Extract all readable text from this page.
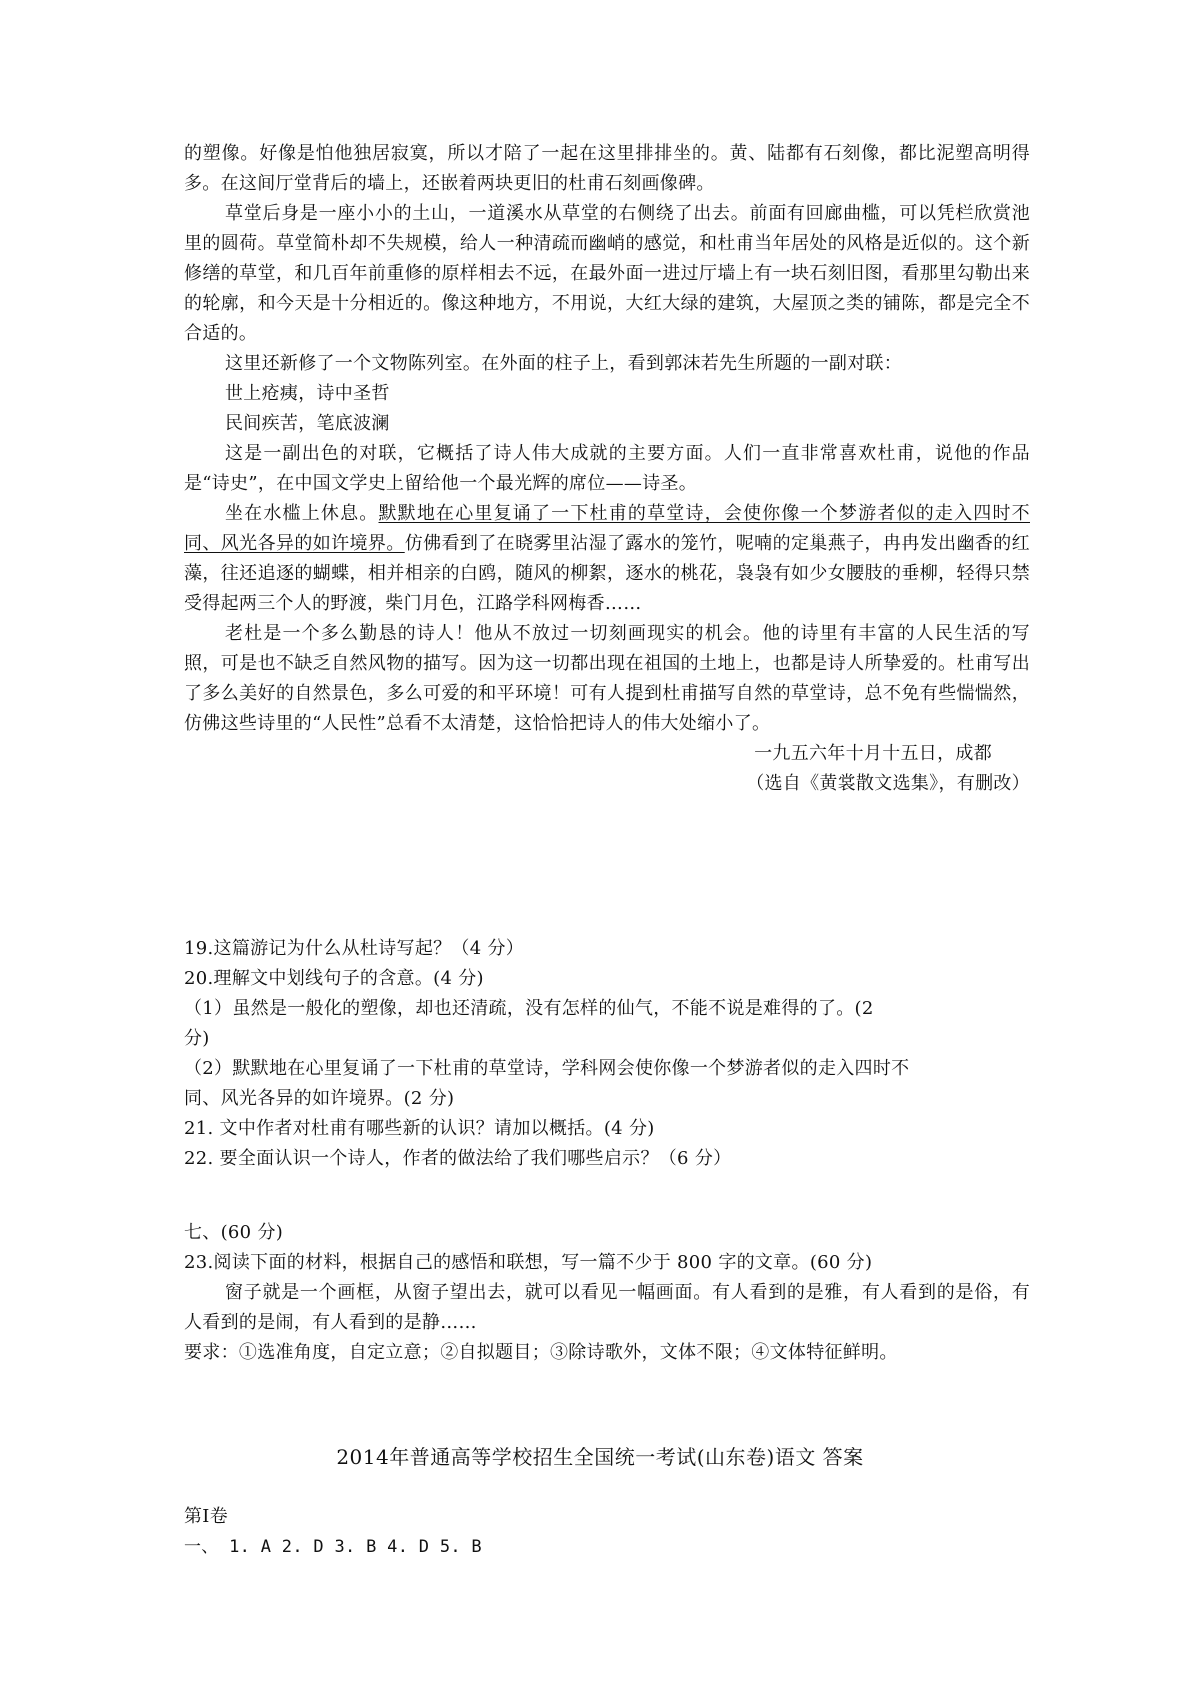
的塑像。好像是怕他独居寂寞，所以才陪了一起在这里排排坐的。黄、陆都有石刻像，都比泥塑高明得多。在这间厅堂背后的墙上，还嵌着两块更旧的杜甫石刻画像碑。

草堂后身是一座小小的土山，一道溪水从草堂的右侧绕了出去。前面有回廊曲槛，可以凭栏欣赏池里的圆荷。草堂简朴却不失规模，给人一种清疏而幽峭的感觉，和杜甫当年居处的风格是近似的。这个新修缮的草堂，和几百年前重修的原样相去不远，在最外面一进过厅墙上有一块石刻旧图，看那里勾勒出来的轮廓，和今天是十分相近的。像这种地方，不用说，大红大绿的建筑，大屋顶之类的铺陈，都是完全不合适的。

这里还新修了一个文物陈列室。在外面的柱子上，看到郭沫若先生所题的一副对联：

世上疮痍，诗中圣哲

民间疾苦，笔底波澜

这是一副出色的对联，它概括了诗人伟大成就的主要方面。人们一直非常喜欢杜甫，说他的作品是“诗史”，在中国文学史上留给他一个最光辉的席位——诗圣。

坐在水槛上休息。默默地在心里复诵了一下杜甫的草堂诗，会使你像一个梦游者似的走入四时不同、风光各异的如许境界。仿佛看到了在晓雾里沾湿了露水的笼竹，呢喃的定巢燕子，冉冉发出幽香的红藻，往还追逐的蝴蝶，相并相亲的白鸥，随风的柳絮，逐水的桃花，袅袅有如少女腰肢的垂柳，轻得只禁受得起两三个人的野渡，柴门月色，江路学科网梅香……

老杜是一个多么勤恳的诗人！他从不放过一切刻画现实的机会。他的诗里有丰富的人民生活的写照，可是也不缺乏自然风物的描写。因为这一切都出现在祖国的土地上，也都是诗人所挚爱的。杜甫写出了多么美好的自然景色，多么可爱的和平环境！可有人提到杜甫描写自然的草堂诗，总不免有些惴惴然，仿佛这些诗里的“人民性”总看不太清楚，这恰恰把诗人的伟大处缩小了。

一九五六年十月十五日，成都

（选自《黄裳散文选集》，有删改）

19.这篇游记为什么从杜诗写起？（4 分）

20.理解文中划线句子的含意。(4 分)

（1）虽然是一般化的塑像，却也还清疏，没有怎样的仙气，不能不说是难得的了。(2

分)

（2）默默地在心里复诵了一下杜甫的草堂诗，学科网会使你像一个梦游者似的走入四时不

同、风光各异的如许境界。(2 分)

21. 文中作者对杜甫有哪些新的认识？请加以概括。(4 分)

22. 要全面认识一个诗人，作者的做法给了我们哪些启示？（6 分）

七、(60 分)

23.阅读下面的材料，根据自己的感悟和联想，写一篇不少于 800 字的文章。(60 分)

窗子就是一个画框，从窗子望出去，就可以看见一幅画面。有人看到的是雅，有人看到的是俗，有人看到的是闹，有人看到的是静……

要求：①选准角度，自定立意；②自拟题目；③除诗歌外，文体不限；④文体特征鲜明。

2014年普通高等学校招生全国统一考试(山东卷)语文 答案

第Ⅰ卷

一、 1. A 2. D 3. B 4. D 5. B
